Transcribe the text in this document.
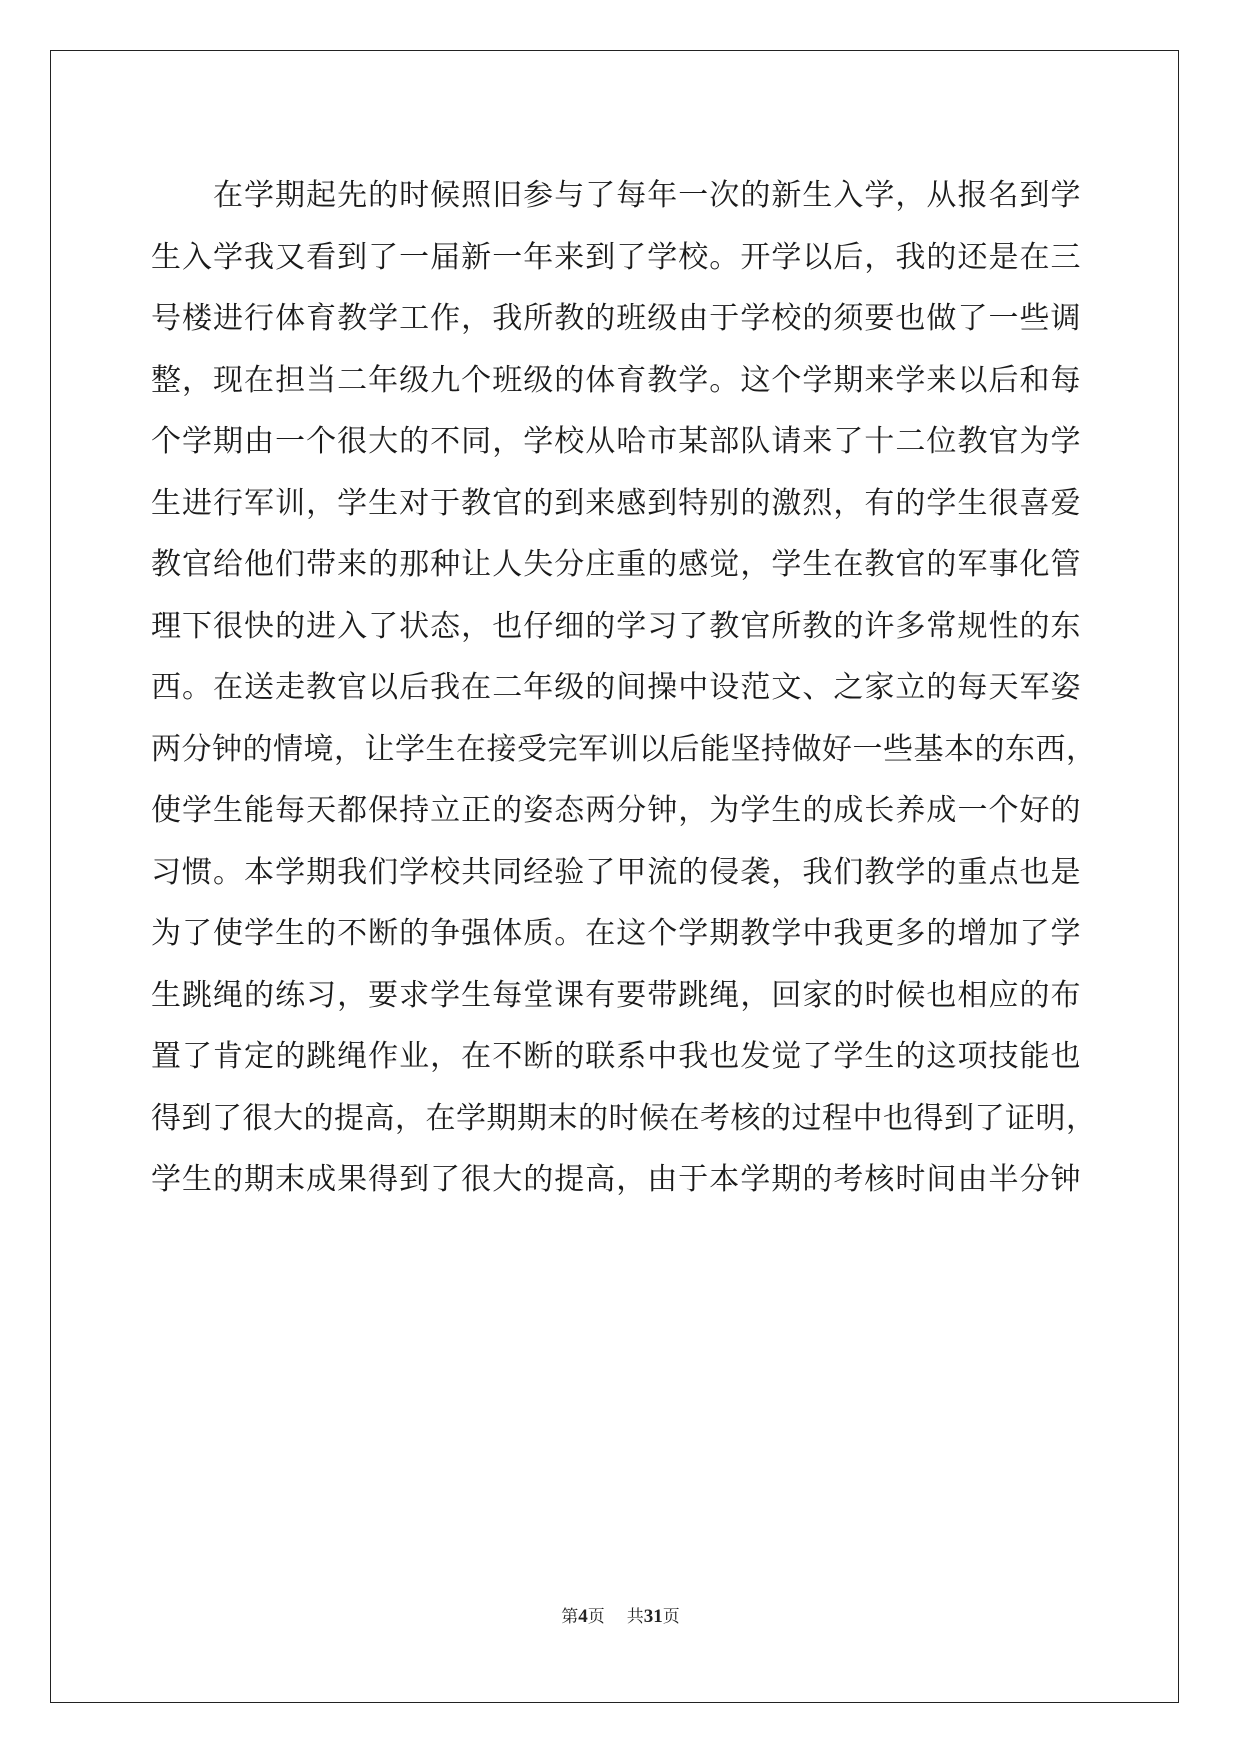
在学期起先的时候照旧参与了每年一次的新生入学，从报名到学
生入学我又看到了一届新一年来到了学校。开学以后，我的还是在三
号楼进行体育教学工作，我所教的班级由于学校的须要也做了一些调
整，现在担当二年级九个班级的体育教学。这个学期来学来以后和每
个学期由一个很大的不同，学校从哈市某部队请来了十二位教官为学
生进行军训，学生对于教官的到来感到特别的激烈，有的学生很喜爱
教官给他们带来的那种让人失分庄重的感觉，学生在教官的军事化管
理下很快的进入了状态，也仔细的学习了教官所教的许多常规性的东
西。在送走教官以后我在二年级的间操中设范文、之家立的每天军姿
两分钟的情境，让学生在接受完军训以后能坚持做好一些基本的东西，
使学生能每天都保持立正的姿态两分钟，为学生的成长养成一个好的
习惯。本学期我们学校共同经验了甲流的侵袭，我们教学的重点也是
为了使学生的不断的争强体质。在这个学期教学中我更多的增加了学
生跳绳的练习，要求学生每堂课有要带跳绳，回家的时候也相应的布
置了肯定的跳绳作业，在不断的联系中我也发觉了学生的这项技能也
得到了很大的提高，在学期期末的时候在考核的过程中也得到了证明，
学生的期末成果得到了很大的提高，由于本学期的考核时间由半分钟
第4页 共31页
